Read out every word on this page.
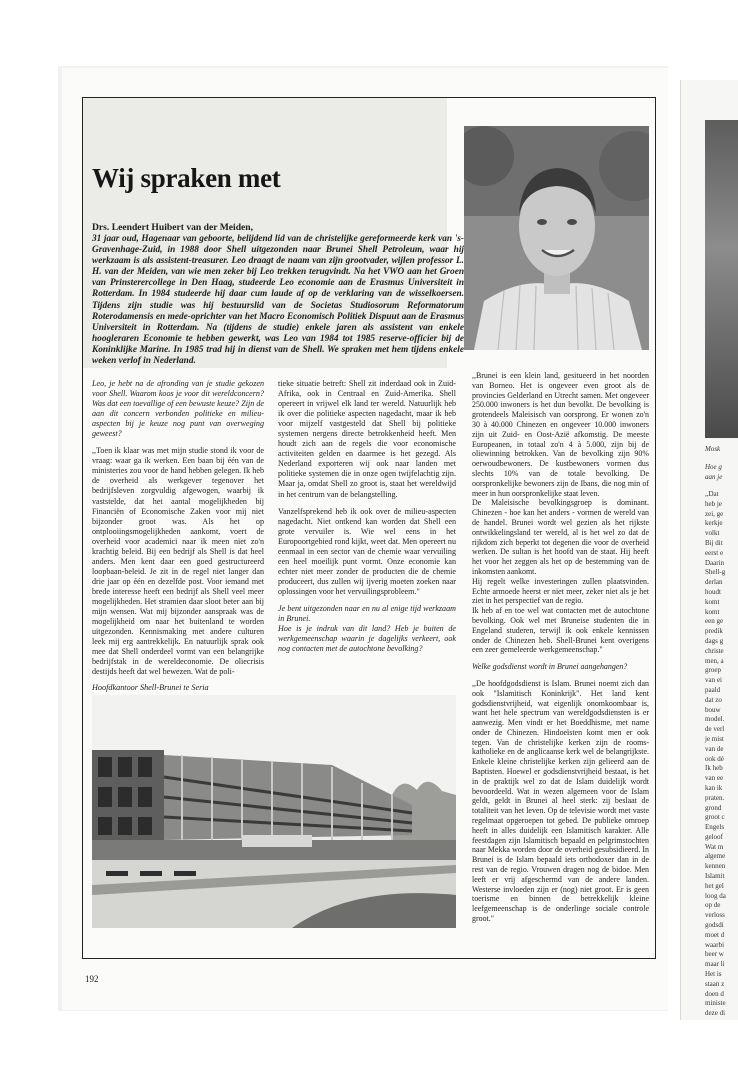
Mosk
Hoe g
aan je
,,Dat
heb je
zei, ge
kerkje
volkt
Bij dit
eerst e
Daarin
Shell-g
derlan
houdt
komt
komt
een ge
predik
dags g
christe
men, a
groep
van ei
paald
dat zo
bouw
model.
de verl
je mist
van de
ook dé
Ik heb
van ee
kan ik
praten.
grond
groot c
Engels
geloof
Wat m
algeme
kennen
Islamit
het gel
loog da
op de
verloss
godsdi
moet d
waarbi
beer w
maar li
Het is
staan z
doen d
ministe
deze di
Wij spraken met
Drs. Leendert Huibert van der Meiden,
31 jaar oud, Hagenaar van geboorte, belijdend lid van de christelijke gereformeerde kerk van 's-Gravenhage-Zuid, in 1988 door Shell uitgezonden naar Brunei Shell Petroleum, waar hij werkzaam is als assistent-treasurer. Leo draagt de naam van zijn grootvader, wijlen professor L. H. van der Meiden, van wie men zeker bij Leo trekken terugvindt. Na het VWO aan het Groen van Prinsterercollege in Den Haag, studeerde Leo economie aan de Erasmus Universiteit in Rotterdam. In 1984 studeerde hij daar cum laude af op de verklaring van de wisselkoersen. Tijdens zijn studie was hij bestuurslid van de Societas Studiosorum Reformatorum Roterodamensis en mede-oprichter van het Macro Economisch Politiek Dispuut aan de Erasmus Universiteit in Rotterdam. Na (tijdens de studie) enkele jaren als assistent van enkele hoogleraren Economie te hebben gewerkt, was Leo van 1984 tot 1985 reserve-officier bij de Koninklijke Marine. In 1985 trad hij in dienst van de Shell. We spraken met hem tijdens enkele weken verlof in Nederland.

Leo, je hebt na de afronding van je studie gekozen voor Shell. Waarom koos je voor dit wereldconcern? Was dat een toevallige of een bewuste keuze? Zijn de aan dit concern verbonden politieke en milieu-aspecten bij je keuze nog punt van overweging geweest?

,,Toen ik klaar was met mijn studie stond ik voor de vraag: waar ga ik werken. Een baan bij één van de ministeries zou voor de hand hebben gelegen. Ik heb de overheid als werkgever tegenover het bedrijfsleven zorgvuldig afgewogen, waarbij ik vaststelde, dat het aantal mogelijkheden bij Financiën of Economische Zaken voor mij niet bijzonder groot was. Als het op ontplooiingsmogelijkheden aankomt, voert de overheid voor academici naar ik meen niet zo'n krachtig beleid. Bij een bedrijf als Shell is dat heel anders. Men kent daar een goed gestructureerd loopbaan-beleid. Je zit in de regel niet langer dan drie jaar op één en dezelfde post. Voor iemand met brede interesse heeft een bedrijf als Shell veel meer mogelijkheden. Het stramien daar sloot beter aan bij mijn wensen. Wat mij bijzonder aanspraak was de mogelijkheid om naar het buitenland te worden uitgezonden. Kennismaking met andere culturen leek mij erg aantrekkelijk. En natuurlijk sprak ook mee dat Shell onderdeel vormt van een belangrijke bedrijfstak in de wereldeconomie. De oliecrisis destijds heeft dat wel bewezen. Wat de poli-

tieke situatie betreft: Shell zit inderdaad ook in Zuid-Afrika, ook in Centraal en Zuid-Amerika. Shell opereert in vrijwel elk land ter wereld. Natuurlijk heb ik over die politieke aspecten nagedacht, maar ik heb voor mijzelf vastgesteld dat Shell bij politieke systemen nergens directe betrokkenheid heeft. Men houdt zich aan de regels die voor economische activiteiten gelden en daarmee is het gezegd. Als Nederland exporteren wij ook naar landen met politieke systemen die in onze ogen twijfelachtig zijn. Maar ja, omdat Shell zo groot is, staat het wereldwijd in het centrum van de belangstelling.

Vanzelfsprekend heb ik ook over de milieu-aspecten nagedacht. Niet ontkend kan worden dat Shell een grote vervuiler is. Wie wel eens in het Europoortgebied rond kijkt, weet dat. Men opereert nu eenmaal in een sector van de chemie waar vervuiling een heel moeilijk punt vormt. Onze economie kan echter niet meer zonder de producten die de chemie produceert, dus zullen wij ijverig moeten zoeken naar oplossingen voor het vervuilingsprobleem."

Je bent uitgezonden naar en nu al enige tijd werkzaam in Brunei.
Hoe is je indruk van dit land? Heb je buiten de werkgemeenschap waarin je dagelijks verkeert, ook nog contacten met de autochtone bevolking?

,,Brunei is een klein land, gesitueerd in het noorden van Borneo. Het is ongeveer even groot als de provincies Gelderland en Utrecht samen. Met ongeveer 250.000 inwoners is het dun bevolkt. De bevolking is grotendeels Maleisisch van oorsprong. Er wonen zo'n 30 à 40.000 Chinezen en ongeveer 10.000 inwoners zijn uit Zuid- en Oost-Azië afkomstig. De meeste Europeanen, in totaal zo'n 4 à 5.000, zijn bij de oliewinning betrokken. Van de bevolking zijn 90% oerwoudbewoners. De kustbewoners vormen dus slechts 10% van de totale bevolking. De oorspronkelijke bewoners zijn de Ibans, die nog min of meer in hun oorspronkelijke staat leven.

De Maleisische bevolkingsgroep is dominant. Chinezen - hoe kan het anders - vormen de wereld van de handel. Brunei wordt wel gezien als het rijkste ontwikkelingsland ter wereld, al is het wel zo dat de rijkdom zich beperkt tot degenen die voor de overheid werken. De sultan is het hoofd van de staat. Hij heeft het voor het zeggen als het op de bestemming van de inkomsten aankomt.

Hij regelt welke investeringen zullen plaatsvinden. Echte armoede heerst er niet meer, zeker niet als je het ziet in het perspectief van de regio.

Ik heb af en toe wel wat contacten met de autochtone bevolking. Ook wel met Bruneise studenten die in Engeland studeren, terwijl ik ook enkele kennissen onder de Chinezen heb. Shell-Brunei kent overigens een zeer gemeleerde werkgemeenschap."

Welke godsdienst wordt in Brunei aangehangen?

,,De hoofdgodsdienst is Islam. Brunei noemt zich dan ook "Islamitisch Koninkrijk". Het land kent godsdienstvrijheid, wat eigenlijk onomkoombaar is, want het hele spectrum van wereldgodsdiensten is er aanwezig. Men vindt er het Boeddhisme, met name onder de Chinezen. Hindoeïsten komt men er ook tegen. Van de christelijke kerken zijn de rooms-katholieke en de anglicaanse kerk wel de belangrijkste. Enkele kleine christelijke kerken zijn gelieerd aan de Baptisten. Hoewel er godsdienstvrijheid bestaat, is het in de praktijk wel zo dat de Islam duidelijk wordt bevoordeeld. Wat in wezen algemeen voor de Islam geldt, geldt in Brunei al heel sterk: zij beslaat de totaliteit van het leven. Op de televisie wordt met vaste regelmaat opgeroepen tot gebed. De publieke omroep heeft in alles duidelijk een Islamitisch karakter. Alle feestdagen zijn Islamitisch bepaald en pelgrimstochten naar Mekka worden door de overheid gesubsidieerd. In Brunei is de Islam bepaald iets orthodoxer dan in de rest van de regio. Vrouwen dragen nog de bidoe. Men leeft er vrij afgeschermd van de andere landen. Westerse invloeden zijn er (nog) niet groot. Er is geen toerisme en binnen de betrekkelijk kleine leefgemeenschap is de onderlinge sociale controle groot."

Hoofdkantoor Shell-Brunei te Seria
192
